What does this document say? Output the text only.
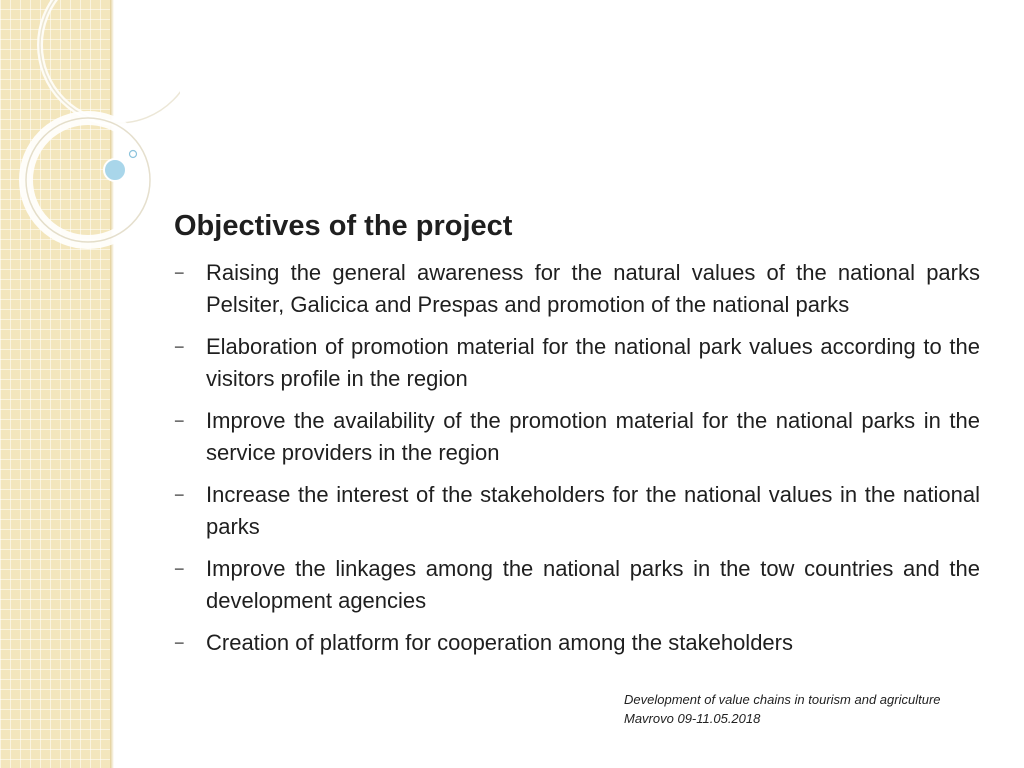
Objectives of the project
− Raising the general awareness for the natural values of the national parks Pelsiter, Galicica and Prespas and promotion of the national parks
− Elaboration of promotion material for the national park values according to the visitors profile in the region
− Improve the availability of the promotion material for the national parks in the service providers in the region
− Increase the interest of the stakeholders for the national values in the national parks
− Improve the linkages among the national parks in the tow countries and the development agencies
− Creation of platform for cooperation among the stakeholders
Development of value chains in tourism and agriculture
Mavrovo 09-11.05.2018
